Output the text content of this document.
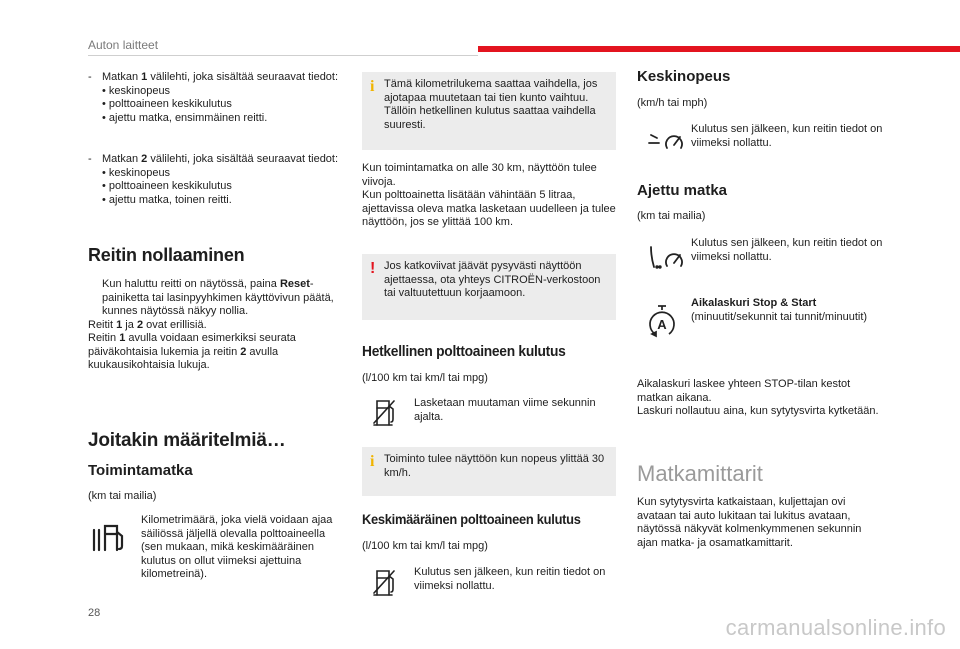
Auton laitteet
- Matkan 1 välilehti, joka sisältää seuraavat tiedot:
• keskinopeus
• polttoaineen keskikulutus
• ajettu matka, ensimmäinen reitti.
- Matkan 2 välilehti, joka sisältää seuraavat tiedot:
• keskinopeus
• polttoaineen keskikulutus
• ajettu matka, toinen reitti.
Reitin nollaaminen
Kun haluttu reitti on näytössä, paina Reset-painiketta tai lasinpyyhkimen käyttövivun päätä, kunnes näytössä näkyy nollia.
Reitit 1 ja 2 ovat erillisiä.
Reitin 1 avulla voidaan esimerkiksi seurata päiväkohtaisia lukemia ja reitin 2 avulla kuukausikohtaisia lukuja.
Joitakin määritelmiä…
Toimintamatka
(km tai mailia)
Kilometrimäärä, joka vielä voidaan ajaa säiliössä jäljellä olevalla polttoaineella (sen mukaan, mikä keskimääräinen kulutus on ollut viimeksi ajettuina kilometreinä).
i Tämä kilometrilukema saattaa vaihdella, jos ajotapaa muutetaan tai tien kunto vaihtuu. Tällöin hetkellinen kulutus saattaa vaihdella suuresti.
Kun toimintamatka on alle 30 km, näyttöön tulee viivoja.
Kun polttoainetta lisätään vähintään 5 litraa, ajettavissa oleva matka lasketaan uudelleen ja tulee näyttöön, jos se ylittää 100 km.
! Jos katkoviivat jäävät pysyvästi näyttöön ajettaessa, ota yhteys CITROËN-verkostoon tai valtuutettuun korjaamoon.
Hetkellinen polttoaineen kulutus
(l/100 km tai km/l tai mpg)
Lasketaan muutaman viime sekunnin ajalta.
i Toiminto tulee näyttöön kun nopeus ylittää 30 km/h.
Keskimääräinen polttoaineen kulutus
(l/100 km tai km/l tai mpg)
Kulutus sen jälkeen, kun reitin tiedot on viimeksi nollattu.
Keskinopeus
(km/h tai mph)
Kulutus sen jälkeen, kun reitin tiedot on viimeksi nollattu.
Ajettu matka
(km tai mailia)
Kulutus sen jälkeen, kun reitin tiedot on viimeksi nollattu.
A
Aikalaskuri Stop & Start
(minuutit/sekunnit tai tunnit/minuutit)
Aikalaskuri laskee yhteen STOP-tilan kestot matkan aikana.
Laskuri nollautuu aina, kun sytytysvirta kytketään.
Matkamittarit
Kun sytytysvirta katkaistaan, kuljettajan ovi avataan tai auto lukitaan tai lukitus avataan, näytössä näkyvät kolmenkymmenen sekunnin ajan matka- ja osamatkamittarit.
28
carmanualsonline.info
